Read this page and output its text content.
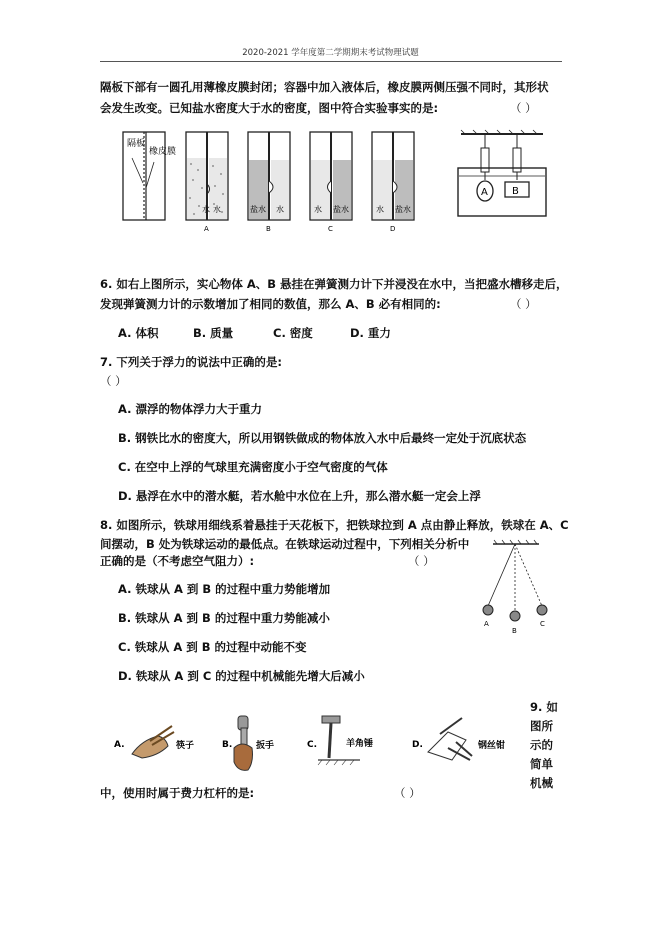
2020-2021 学年度第二学期期末考试物理试题
隔板下部有一圆孔用薄橡皮膜封闭；容器中加入液体后，橡皮膜两侧压强不同时，其形状
会发生改变。已知盐水密度大于水的密度，图中符合实验事实的是:	（ ）
隔板
橡皮膜
水 水
A
盐水 水
B
水 盐水
C
水 盐水
D
A B
6. 如右上图所示，实心物体 A、B 悬挂在弹簧测力计下并浸没在水中，当把盛水槽移走后，
发现弹簧测力计的示数增加了相同的数值，那么 A、B 必有相同的:	（ ）
A. 体积	B. 质量	C. 密度	D. 重力
7. 下列关于浮力的说法中正确的是:
（ ）
A. 漂浮的物体浮力大于重力
B. 钢铁比水的密度大，所以用钢铁做成的物体放入水中后最终一定处于沉底状态
C. 在空中上浮的气球里充满密度小于空气密度的气体
D. 悬浮在水中的潜水艇，若水舱中水位在上升，那么潜水艇一定会上浮
8. 如图所示，铁球用细线系着悬挂于天花板下，把铁球拉到 A 点由静止释放，铁球在 A、C
间摆动，B 处为铁球运动的最低点。在铁球运动过程中，下列相关分析中
正确的是（不考虑空气阻力）:	（ ）
A. 铁球从 A 到 B 的过程中重力势能增加
B. 铁球从 A 到 B 的过程中重力势能减小
C. 铁球从 A 到 B 的过程中动能不变
D. 铁球从 A 到 C 的过程中机械能先增大后减小
A
B
C
9. 如
图所
示的
简单
机械
A.	筷子	B.	扳手	C.	羊角锤	D.	钢丝钳
中，使用时属于费力杠杆的是:	（ ）
